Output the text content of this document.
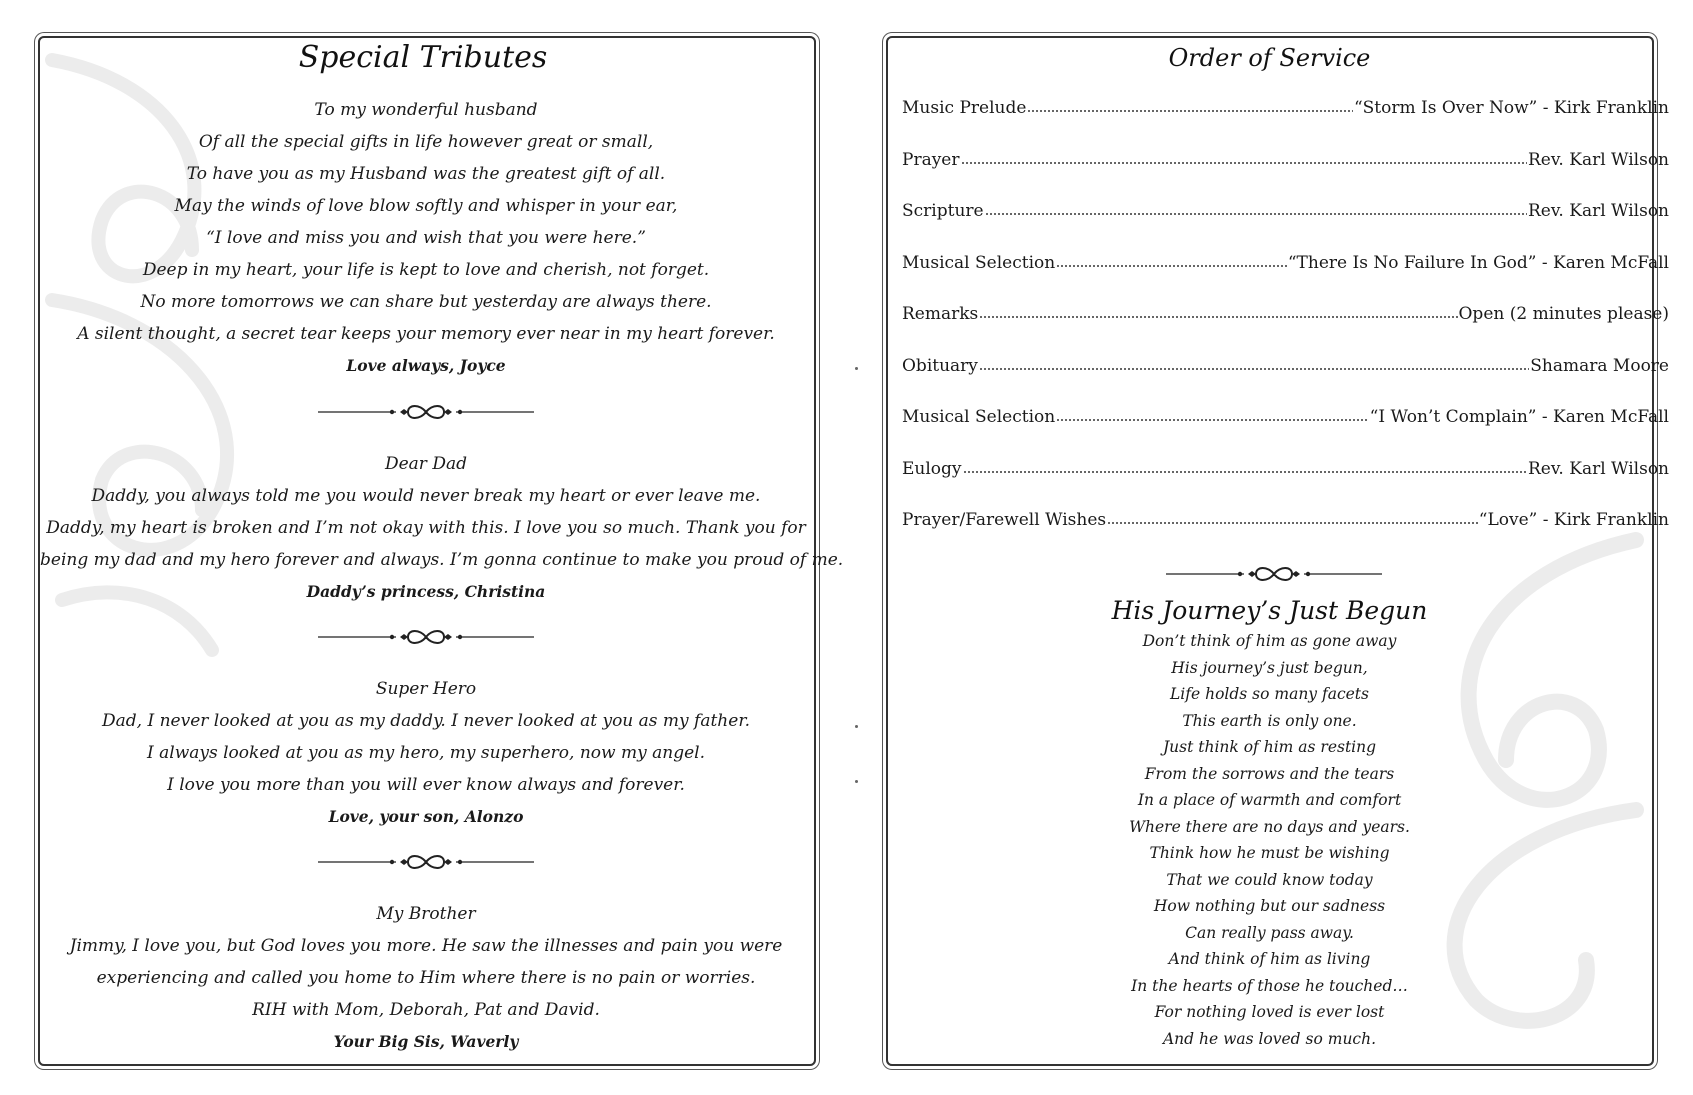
Special Tributes
To my wonderful husband
Of all the special gifts in life however great or small,
To have you as my Husband was the greatest gift of all.
May the winds of love blow softly and whisper in your ear,
“I love and miss you and wish that you were here.”
Deep in my heart, your life is kept to love and cherish, not forget.
No more tomorrows we can share but yesterday are always there.
A silent thought, a secret tear keeps your memory ever near in my heart forever.
Love always, Joyce
Dear Dad
Daddy, you always told me you would never break my heart or ever leave me.
Daddy, my heart is broken and I’m not okay with this. I love you so much. Thank you for
being my dad and my hero forever and always. I’m gonna continue to make you proud of me.
Daddy’s princess, Christina
Super Hero
Dad, I never looked at you as my daddy. I never looked at you as my father.
I always looked at you as my hero, my superhero, now my angel.
I love you more than you will ever know always and forever.
Love, your son, Alonzo
My Brother
Jimmy, I love you, but God loves you more. He saw the illnesses and pain you were
experiencing and called you home to Him where there is no pain or worries.
RIH with Mom, Deborah, Pat and David.
Your Big Sis, Waverly
Order of Service
Music Prelude	“Storm Is Over Now” - Kirk Franklin
Prayer	Rev. Karl Wilson
Scripture	Rev. Karl Wilson
Musical Selection	“There Is No Failure In God” - Karen McFall
Remarks	Open (2 minutes please)
Obituary	Shamara Moore
Musical Selection	“I Won’t Complain” - Karen McFall
Eulogy	Rev. Karl Wilson
Prayer/Farewell Wishes	“Love” - Kirk Franklin
His Journey’s Just Begun
Don’t think of him as gone away
His journey’s just begun,
Life holds so many facets
This earth is only one.
Just think of him as resting
From the sorrows and the tears
In a place of warmth and comfort
Where there are no days and years.
Think how he must be wishing
That we could know today
How nothing but our sadness
Can really pass away.
And think of him as living
In the hearts of those he touched…
For nothing loved is ever lost
And he was loved so much.
